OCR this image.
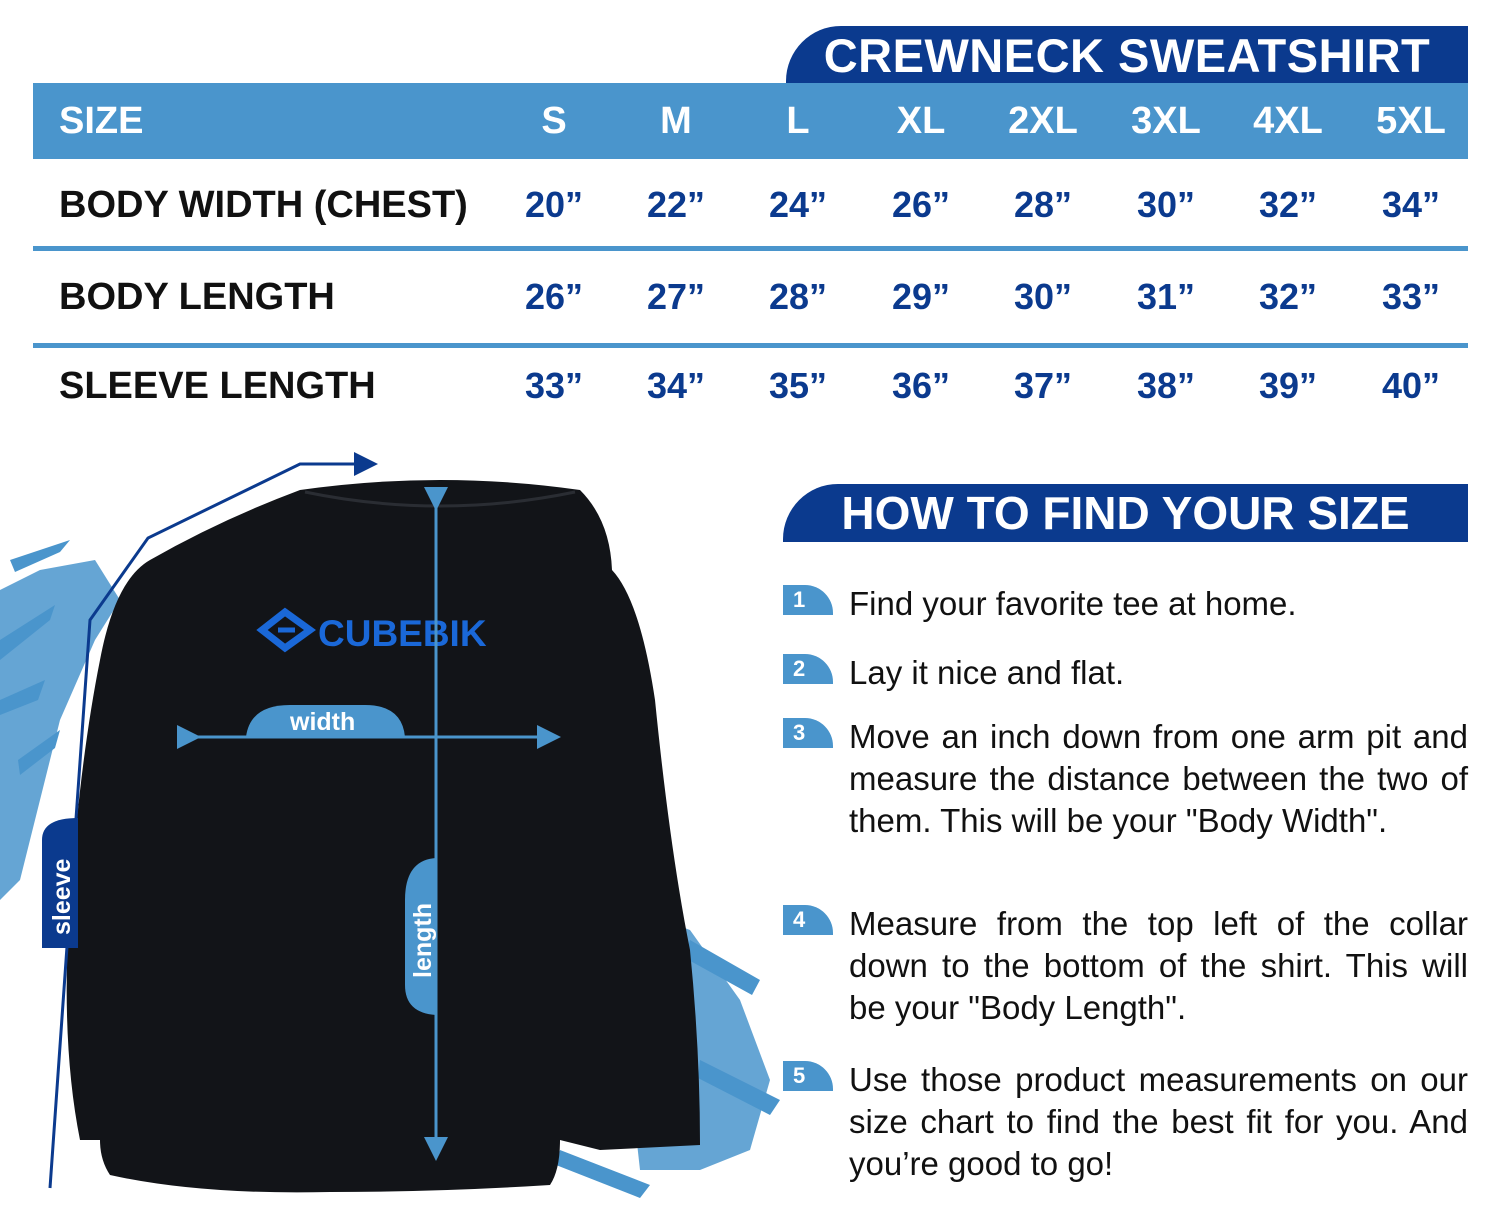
CREWNECK SWEATSHIRT
SIZE	S	M	L	XL	2XL	3XL	4XL	5XL
BODY WIDTH (CHEST)	20”	22”	24”	26”	28”	30”	32”	34”
BODY LENGTH	26”	27”	28”	29”	30”	31”	32”	33”
SLEEVE LENGTH	33”	34”	35”	36”	37”	38”	39”	40”
CUBEBIK
sleeve
width
length
HOW TO FIND YOUR SIZE
1	Find your favorite tee at home.
2	Lay it nice and flat.
3	Move an inch down from one arm pit and measure the distance between the two of them. This will be your "Body Width".
4	Measure from the top left of the collar down to the bottom of the shirt. This will be your "Body Length".
5	Use those product measurements on our size chart to find the best fit for you. And you’re good to go!
